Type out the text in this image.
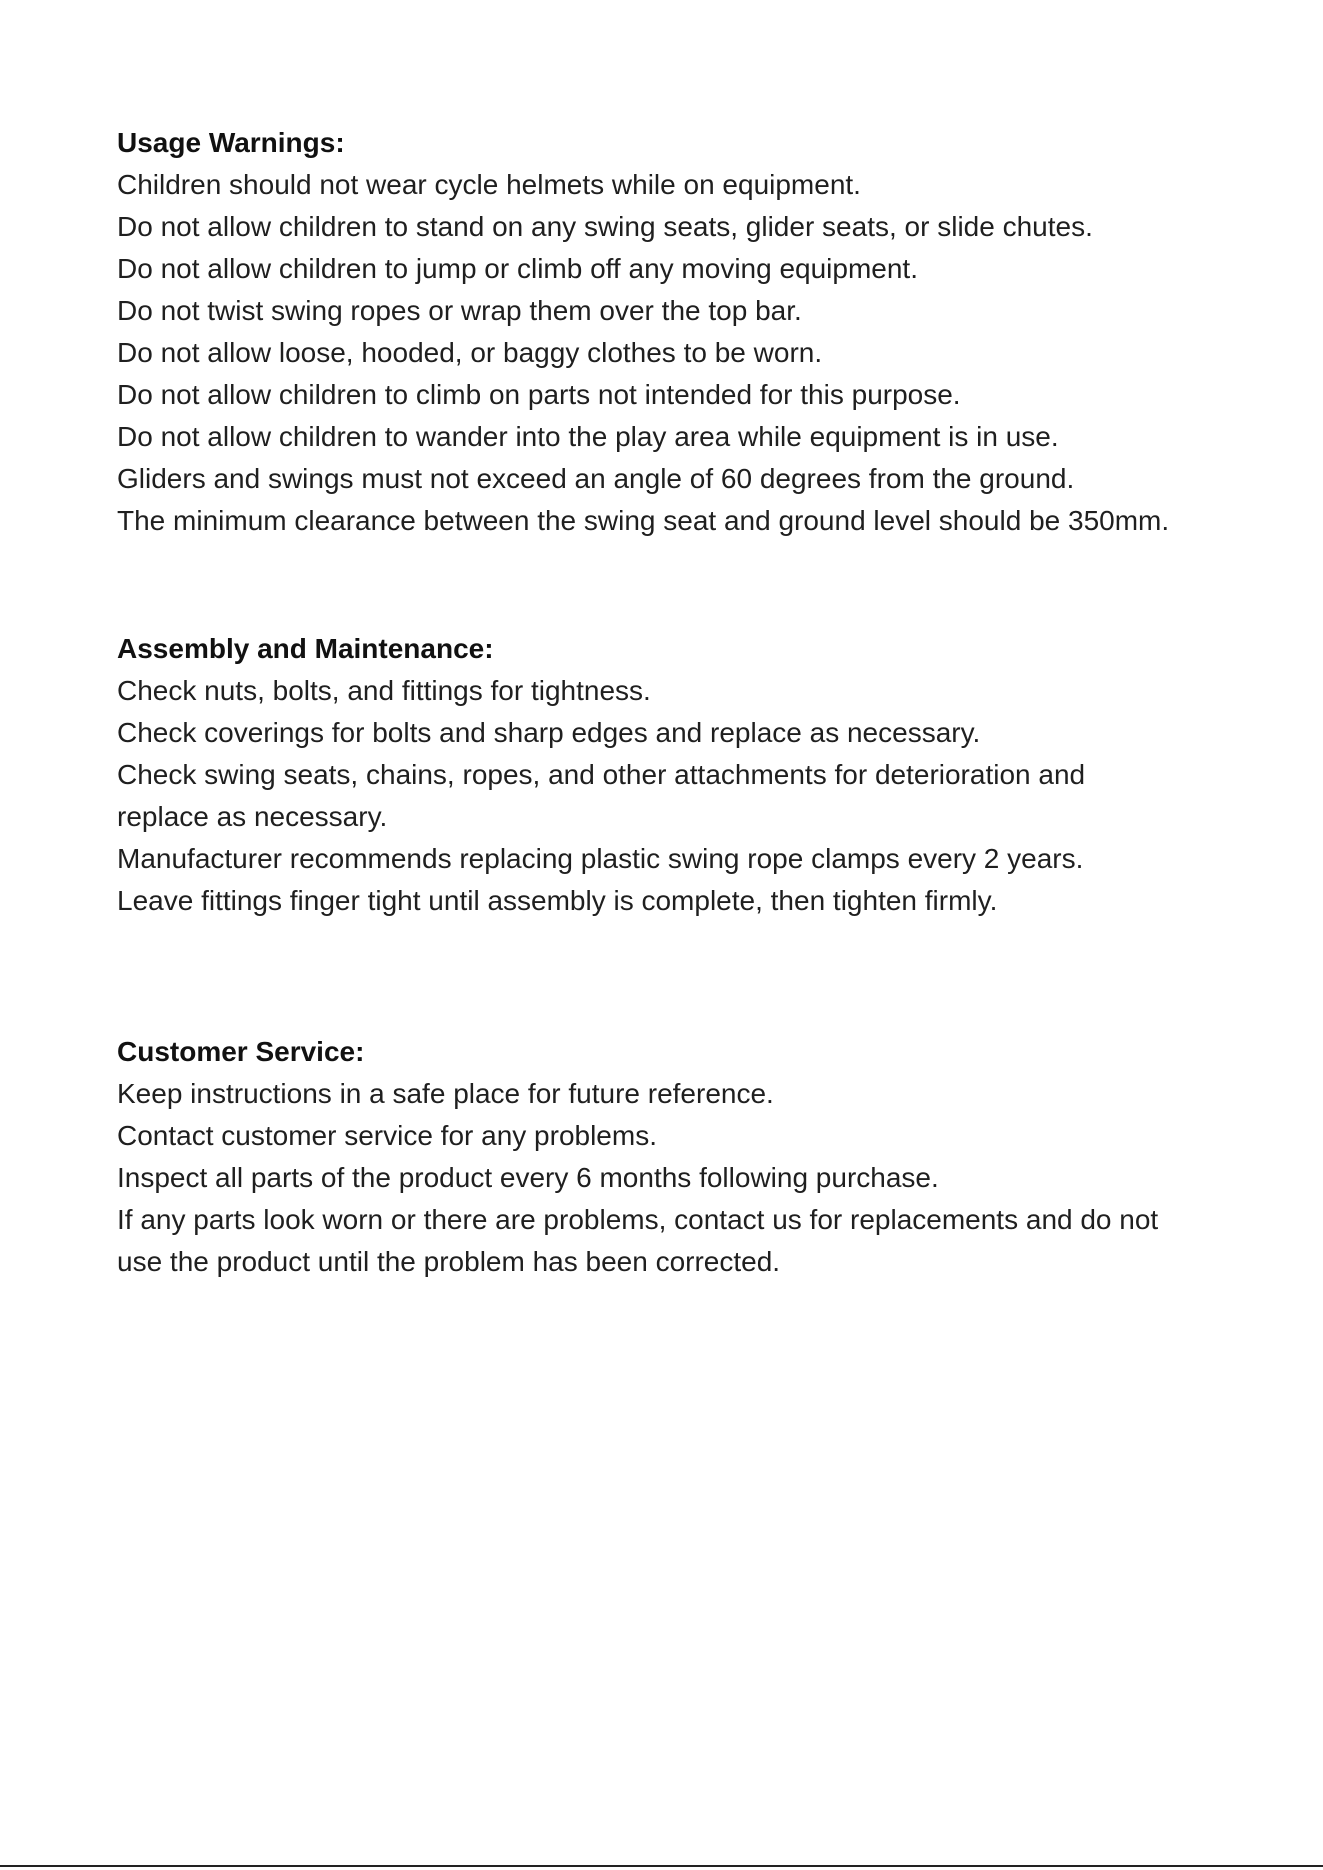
Usage Warnings:

Children should not wear cycle helmets while on equipment.

Do not allow children to stand on any swing seats, glider seats, or slide chutes.

Do not allow children to jump or climb off any moving equipment.

Do not twist swing ropes or wrap them over the top bar.

Do not allow loose, hooded, or baggy clothes to be worn.

Do not allow children to climb on parts not intended for this purpose.

Do not allow children to wander into the play area while equipment is in use.

Gliders and swings must not exceed an angle of 60 degrees from the ground.

The minimum clearance between the swing seat and ground level should be 350mm.

Assembly and Maintenance:

Check nuts, bolts, and fittings for tightness.

Check coverings for bolts and sharp edges and replace as necessary.

Check swing seats, chains, ropes, and other attachments for deterioration and

replace as necessary.

Manufacturer recommends replacing plastic swing rope clamps every 2 years.

Leave fittings finger tight until assembly is complete, then tighten firmly.

Customer Service:

Keep instructions in a safe place for future reference.

Contact customer service for any problems.

Inspect all parts of the product every 6 months following purchase.

If any parts look worn or there are problems, contact us for replacements and do not

use the product until the problem has been corrected.
